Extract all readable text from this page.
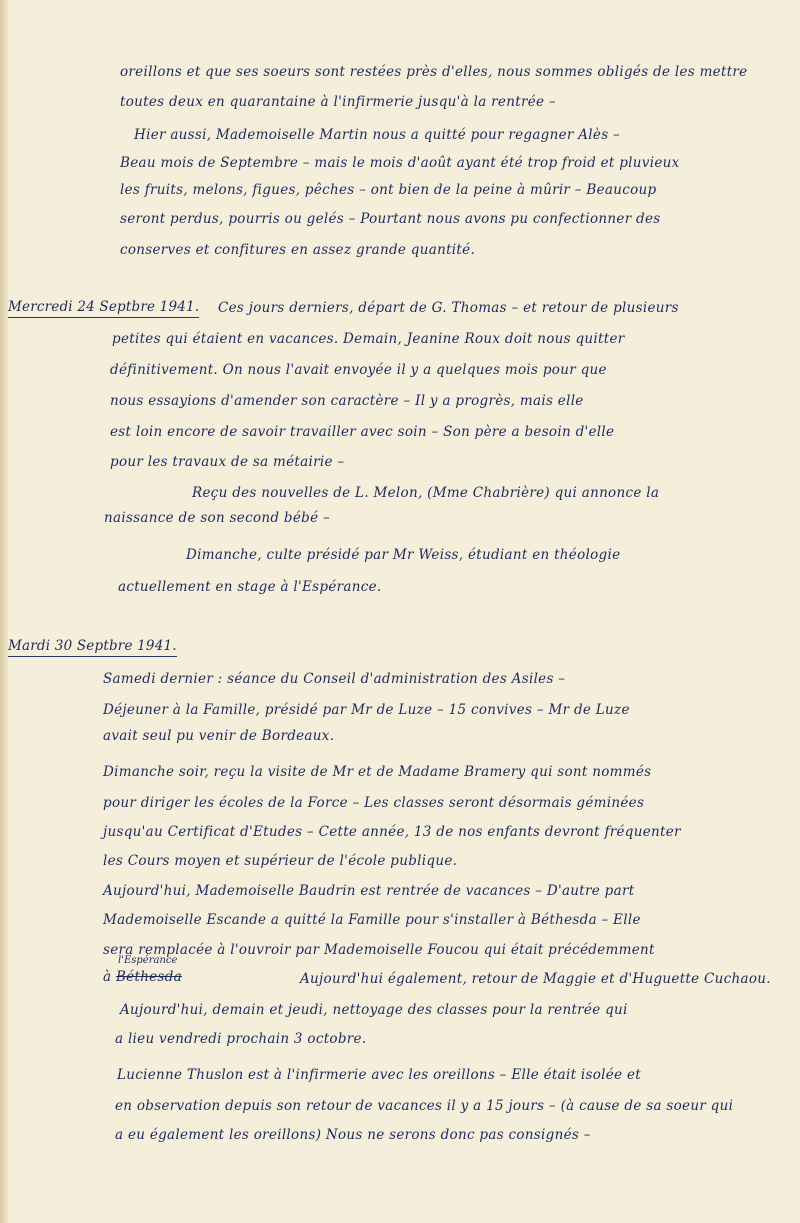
oreillons et que ses soeurs sont restées près d'elles, nous sommes obligés de les mettre
toutes deux en quarantaine à l'infirmerie jusqu'à la rentrée –
Hier aussi, Mademoiselle Martin nous a quitté pour regagner Alès –
Beau mois de Septembre – mais le mois d'août ayant été trop froid et pluvieux
les fruits, melons, figues, pêches – ont bien de la peine à mûrir – Beaucoup
seront perdus, pourris ou gelés – Pourtant nous avons pu confectionner des
conserves et confitures en assez grande quantité.
Mercredi 24 Septbre 1941. Ces jours derniers, départ de G. Thomas – et retour de plusieurs
petites qui étaient en vacances. Demain, Jeanine Roux doit nous quitter
définitivement. On nous l'avait envoyée il y a quelques mois pour que
nous essayions d'amender son caractère – Il y a progrès, mais elle
est loin encore de savoir travailler avec soin – Son père a besoin d'elle
pour les travaux de sa métairie –
Reçu des nouvelles de L. Melon, (Mme Chabrière) qui annonce la
naissance de son second bébé –
Dimanche, culte présidé par Mr Weiss, étudiant en théologie
actuellement en stage à l'Espérance.
Mardi 30 Septbre 1941.
Samedi dernier : séance du Conseil d'administration des Asiles –
Déjeuner à la Famille, présidé par Mr de Luze – 15 convives – Mr de Luze
avait seul pu venir de Bordeaux.
Dimanche soir, reçu la visite de Mr et de Madame Bramery qui sont nommés
pour diriger les écoles de la Force – Les classes seront désormais géminées
jusqu'au Certificat d'Etudes – Cette année, 13 de nos enfants devront fréquenter
les Cours moyen et supérieur de l'école publique.
Aujourd'hui, Mademoiselle Baudrin est rentrée de vacances – D'autre part
Mademoiselle Escande a quitté la Famille pour s'installer à Béthesda – Elle
sera remplacée à l'ouvroir par Mademoiselle Foucou qui était précédemment
à Béthesda
l'Espérance
Aujourd'hui également, retour de Maggie et d'Huguette Cuchaou.
Aujourd'hui, demain et jeudi, nettoyage des classes pour la rentrée qui
a lieu vendredi prochain 3 octobre.
Lucienne Thuslon est à l'infirmerie avec les oreillons – Elle était isolée et
en observation depuis son retour de vacances il y a 15 jours – (à cause de sa soeur qui
a eu également les oreillons) Nous ne serons donc pas consignés –
